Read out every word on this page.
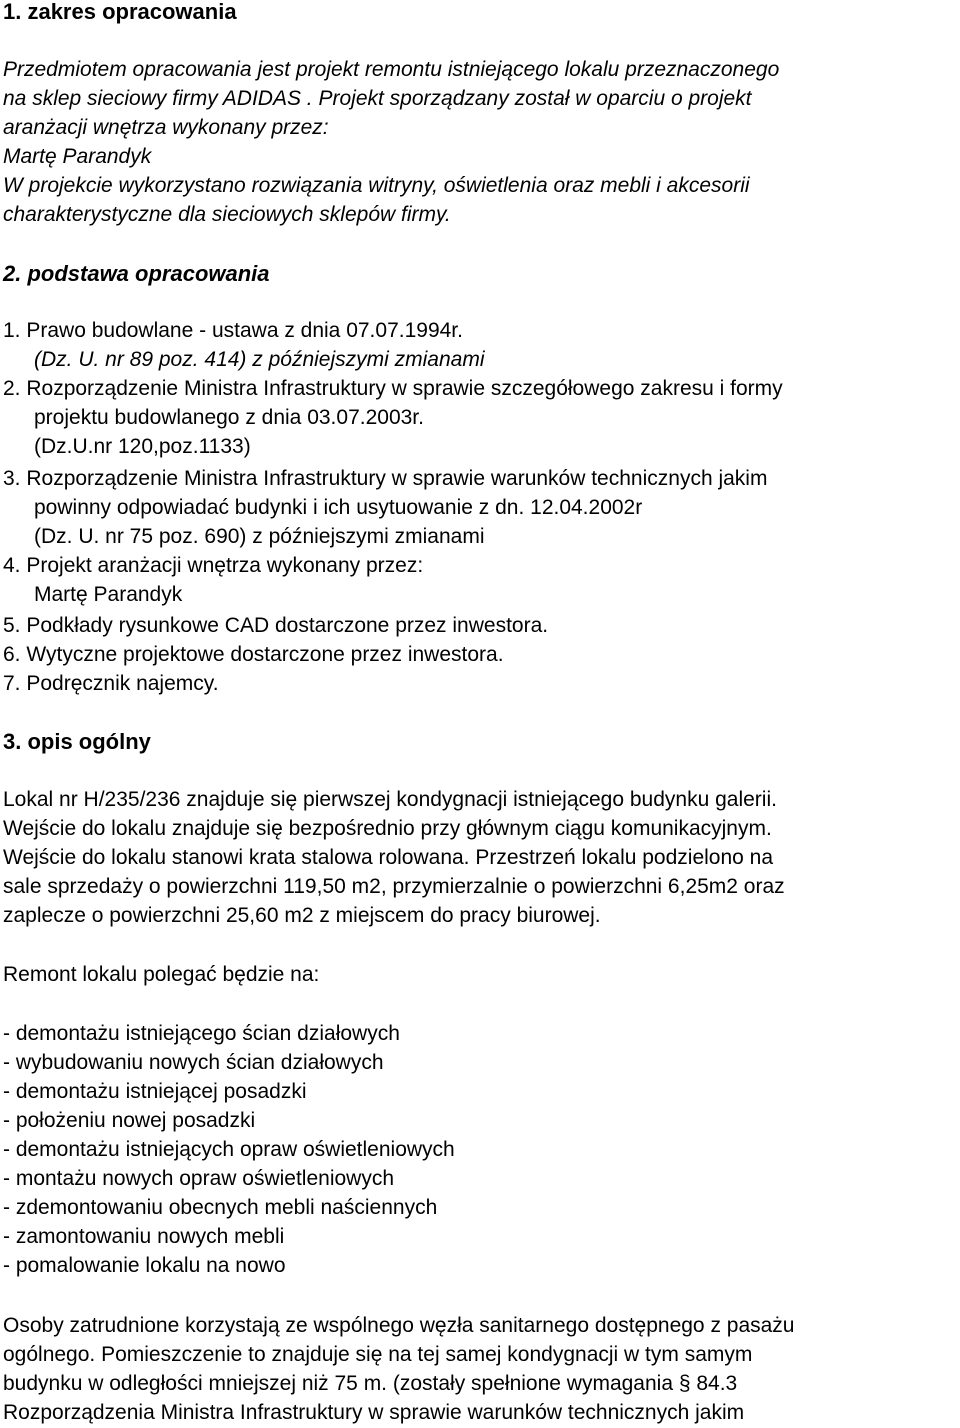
1. zakres opracowania

Przedmiotem opracowania jest projekt remontu istniejącego lokalu przeznaczonego

na sklep sieciowy firmy ADIDAS . Projekt sporządzany został w oparciu o projekt

aranżacji wnętrza wykonany przez:

Martę Parandyk

W projekcie wykorzystano rozwiązania witryny, oświetlenia oraz mebli i akcesorii

charakterystyczne dla sieciowych sklepów firmy.

2. podstawa opracowania

1. Prawo budowlane - ustawa z dnia 07.07.1994r.

(Dz. U. nr 89 poz. 414) z późniejszymi zmianami

2. Rozporządzenie Ministra Infrastruktury w sprawie szczegółowego zakresu i formy

projektu budowlanego z dnia 03.07.2003r.

(Dz.U.nr 120,poz.1133)

3. Rozporządzenie Ministra Infrastruktury w sprawie warunków technicznych jakim

powinny odpowiadać budynki i ich usytuowanie z dn. 12.04.2002r

(Dz. U. nr 75 poz. 690) z późniejszymi zmianami

4. Projekt aranżacji wnętrza wykonany przez:

Martę Parandyk

5. Podkłady rysunkowe CAD dostarczone przez inwestora.

6. Wytyczne projektowe dostarczone przez inwestora.

7. Podręcznik najemcy.

3. opis ogólny

Lokal nr H/235/236 znajduje się pierwszej kondygnacji istniejącego budynku galerii.

Wejście do lokalu znajduje się bezpośrednio przy głównym ciągu komunikacyjnym.

Wejście do lokalu stanowi krata stalowa rolowana. Przestrzeń lokalu podzielono na

sale sprzedaży o powierzchni 119,50 m2, przymierzalnie o powierzchni 6,25m2 oraz

zaplecze o powierzchni 25,60 m2 z miejscem do pracy biurowej.

Remont lokalu polegać będzie na:

- demontażu istniejącego ścian działowych

- wybudowaniu nowych ścian działowych

- demontażu istniejącej posadzki

- położeniu nowej posadzki

- demontażu istniejących opraw oświetleniowych

- montażu nowych opraw oświetleniowych

- zdemontowaniu obecnych mebli naściennych

- zamontowaniu nowych mebli

- pomalowanie lokalu na nowo

Osoby zatrudnione korzystają ze wspólnego węzła sanitarnego dostępnego z pasażu

ogólnego. Pomieszczenie to znajduje się na tej samej kondygnacji w tym samym

budynku w odległości mniejszej niż 75 m. (zostały spełnione wymagania § 84.3

Rozporządzenia Ministra Infrastruktury w sprawie warunków technicznych jakim
